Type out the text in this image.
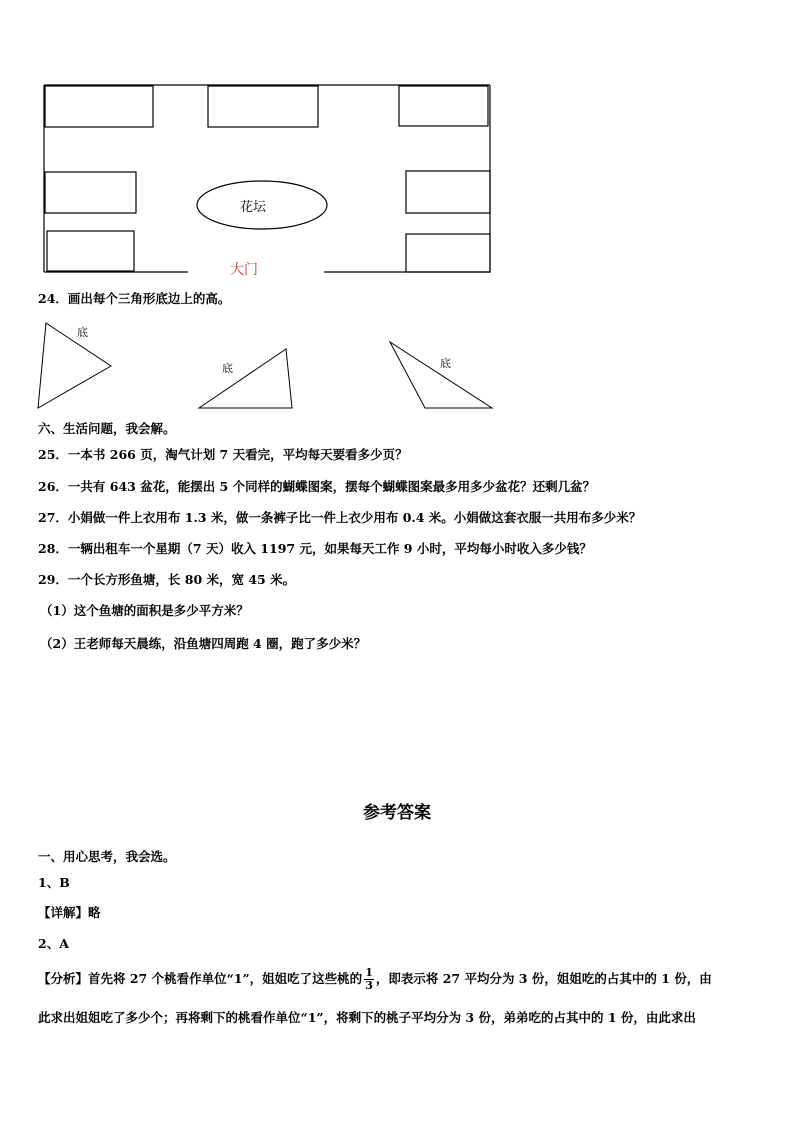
花坛
大门
24．画出每个三角形底边上的高。
底
底	底
六、生活问题，我会解。
25．一本书 266 页，淘气计划 7 天看完，平均每天要看多少页？
26．一共有 643 盆花，能摆出 5 个同样的蝴蝶图案，摆每个蝴蝶图案最多用多少盆花？还剩几盆？
27．小娟做一件上衣用布 1.3 米，做一条裤子比一件上衣少用布 0.4 米。小娟做这套衣服一共用布多少米？
28．一辆出租车一个星期（7 天）收入 1197 元，如果每天工作 9 小时，平均每小时收入多少钱？
29．一个长方形鱼塘，长 80 米，宽 45 米。
（1）这个鱼塘的面积是多少平方米？
（2）王老师每天晨练，沿鱼塘四周跑 4 圈，跑了多少米？
参考答案
一、用心思考，我会选。
1、B
【详解】略
2、A
【分析】首先将 27 个桃看作单位“1”，姐姐吃了这些桃的 $\frac{1}{3}$ ，即表示将 27 平均分为 3 份，姐姐吃的占其中的 1 份，由
此求出姐姐吃了多少个；再将剩下的桃看作单位“1”，将剩下的桃子平均分为 3 份，弟弟吃的占其中的 1 份，由此求出
